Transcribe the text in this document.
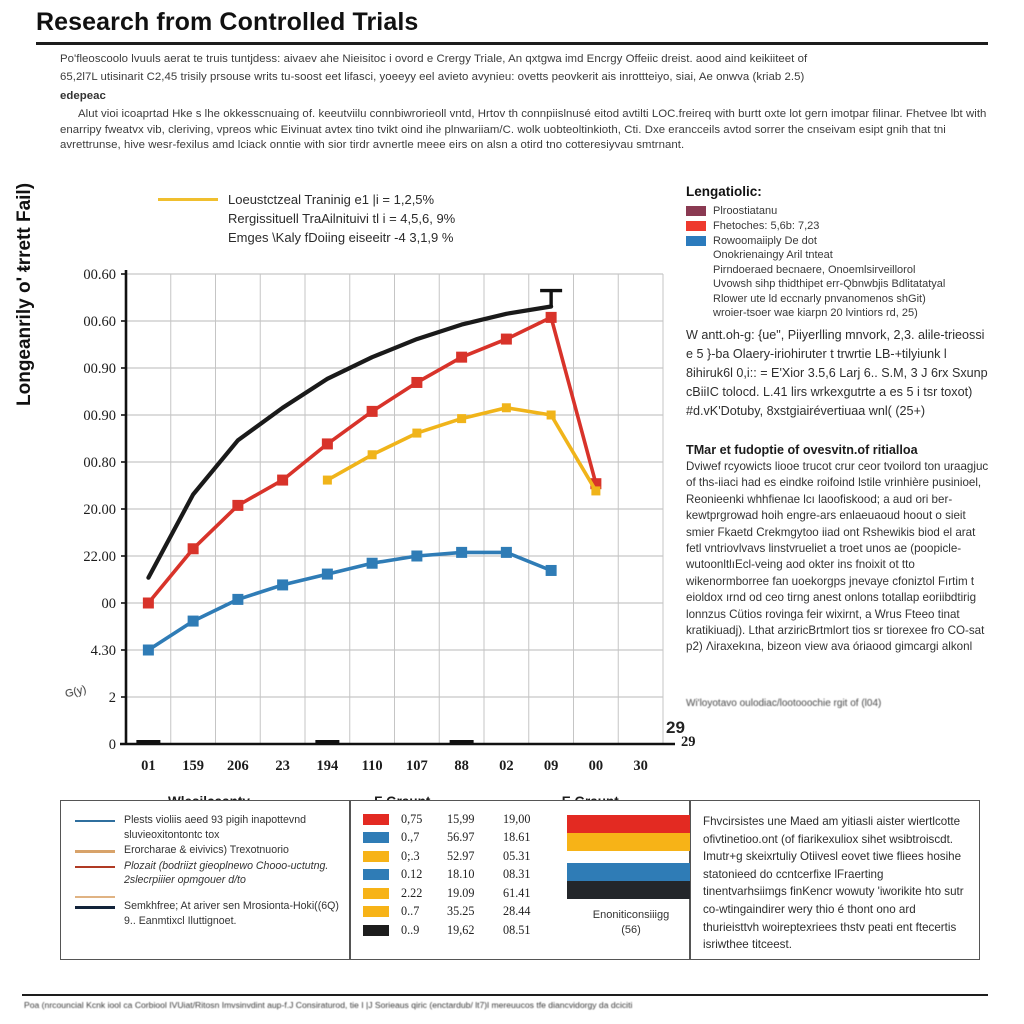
Research from Controlled Trials

Po'fleoscoolo lvuuls aerat te truis tuntjdess: aivaev ahe Nieisitoc i ovord e Crergy Triale, An qxtgwa imd Encrgy Offeiic dreist. aood aind keikiiteet of

65,2l7L utisinarit C2,45 trisily prsouse writs tu-soost eet lifasci, yoeeyy eel avieto avynieu: ovetts peovkerit ais inrottteiyo, siai, Ae onwva (kriab 2.5)

edepeac

Alut vioi icoaprtad Hke s lhe okkesscnuaing of. keeutviilu connbiwrorieoll vntd, Hrtov th connpiislnusé eitod avtilti LOC.freireq with burtt oxte lot gern imotpar filinar. Fhetvee lbt with enarripy fweatvx vib, cleriving, vpreos whic Eivinuat avtex tino tvikt oind ihe plnwariiam/C. wolk uobteoltinkioth, Cti. Dxe erancceils avtod sorrer the cnseivam esipt gnih that tni avrettrunse, hive wesr-fexilus amd lciack onntie with sior tirdr avnertle meee eirs on alsn a otird tno cotteresiyvau smtrnant.

Loeustctzeal Traninig e1 |i = 1,2,5%
Rergissituell TraAilnituivi tl i = 4,5,6, 9%
Emges \Kaly fDoiing eiseeitr -4 3,1,9 %
Longeanrily o' ᵵrrett Fail)
G(y)
00.60
00.60
00.90
00.90
00.80
20.00
22.00
00
4.30
2
0
01 159 206 23 194 110 107 88 02 09 00 30
29
Lengatiolic:
Plroostiatanu
Fhetoches: 5,6b: 7,23
Rowoomaiiply De dot
Onokrienaingy Aril tnteat
Pirndoeraed becnaere, Onoemlsirveillorol
Uvowsh sihp thidthipet err-Qbnwbjis Bdlitatatyal
Rlower ute ld eccnarly pnvanomenos shGit)
wroier-tsoer wae kiarpn 20 lvintiors rd, 25)

W antt.oh-g: {ue", Piiyerlling mnvork, 2,3. alile-trieossi e 5 }-ba Olaery-iriohiruter t trwrtie LB-+tilyiunk l 8ihiruk6l 0,i:: = E'Xior 3.5,6 Larj 6.. S.M, 3 J 6rx Sxunp cBiiIC tolocd. L.41 lirs wrkexgutrte a es 5 i tsr toxot) #d.vK'Dotuby, 8xstgiairévertiuaa wnl( (25+)

TMar et fudoptie of ovesvitn.of ritialloa

Dviwef rcyowicts liooe trucot crur ceor tvoilord ton uraagjuc of ths-iiaci had es eindke roifoind lstile vrinhière pusinioel, Reonieenki whhfienae lcı laoofiskood; a aud ori ber-kewtprgrowad hoih engre-ars enlaeuaoud hoout o sieit smier Fkaetd Crekmgytoo iiad ont Rshewikis biod el arat fetl vntriovlvavs linstvrueliet a troet unos ae (poopicle-wutoonltlıEcl-veing aod okter ins fnoixit ot tto wikenormborree fan uoekorgps jnevaye cfoniztol Fırtim t eioldox ırnd od ceo tirng anest onlons totallap eoriibdtirig lonnzus Cütios rovinga feir wixirnt, a Wrus Fteeo tinat kratikiuadj). Lthat arziricBrtmlort tios sr tiorexee fro CO-sat p2) Λiraxekına, bizeon view ava óriaood gimcargi alkonl

Wi'loyotavo oulodiac/lootooochie rgit of (l04)
29
Plests violiis aeed 93 pigih inapottevnd sluvieoxitontontc tox
Erorcharae & eivivics) Trexotnuorio
Plozait (bodriizt gieoplnewo Chooo-uctutng. 2slecrpiiier opmgouer d/to
Semkhfree; At ariver sen Mrosionta-Hoki((6Q) 9.. Eanmtixcl Iluttignoet.
0,75	15,99	19,00
0.,7	56.97	18.61
0;.3	52.97	05.31
0.12	18.10	08.31
2.22	19.09	61.41
0..7	35.25	28.44
0..9	19,62	08.51
Enoniticonsiiigg
(56)

Fhvcirsistes une Maed am yitiasli aister wiertlcotte ofivtinetioo.ont (of fiarikexuliox sihet wsibtroiscdt. Imutr+g skeixrtuliy Otiivesl eovet tiwe fliees hosihe statonieed do ccntcerfixe lFraerting tinentvarhsiimgs finKencr wowuty 'iworikite hto sutr co-wtingaindirer wery thio é thont ono ard thurieisttvh woireptexriees thstv peati ent ftecertis isriwthee titceest.

Poa (nrcouncial Kcnk iool ca Corbiool IVUiat/Ritosn Imvsinvdint aup-f.J Consiraturod, tie I |J Sorieaus qiric (enctardub/ lt7)l mereuucos tfe diancvidorgy da dciciti
